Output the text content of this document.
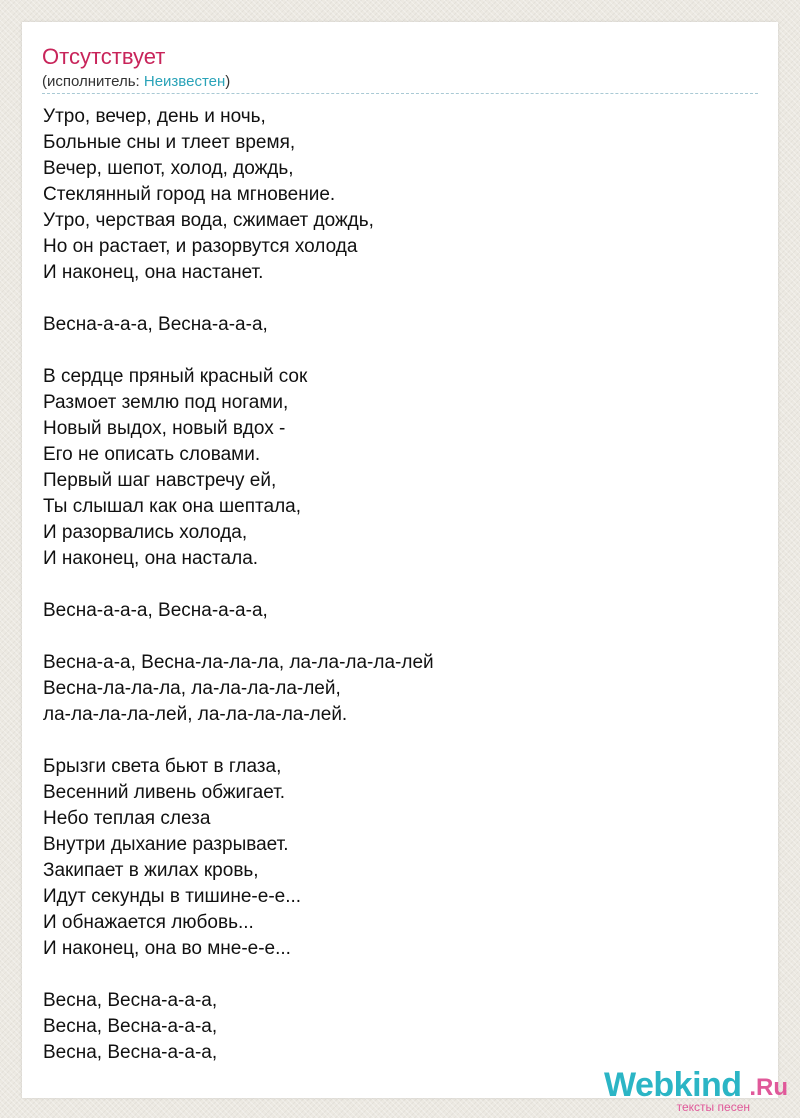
Отсутствует
(исполнитель: Неизвестен)
Утро, вечер, день и ночь,
Больные сны и тлеет время,
Вечер, шепот, холод, дождь,
Стеклянный город на мгновение.
Утро, черствая вода, сжимает дождь,
Но он растает, и разорвутся холода
И наконец, она настанет.
Весна-а-а-а, Весна-а-а-а,
В сердце пряный красный сок
Размоет землю под ногами,
Новый выдох, новый вдох -
Его не описать словами.
Первый шаг навстречу ей,
Ты слышал как она шептала,
И разорвались холода,
И наконец, она настала.
Весна-а-а-а, Весна-а-а-а,
Весна-а-а, Весна-ла-ла-ла, ла-ла-ла-ла-лей
Весна-ла-ла-ла, ла-ла-ла-ла-лей,
ла-ла-ла-ла-лей, ла-ла-ла-ла-лей.
Брызги света бьют в глаза,
Весенний ливень обжигает.
Небо теплая слеза
Внутри дыхание разрывает.
Закипает в жилах кровь,
Идут секунды в тишине-е-е...
И обнажается любовь...
И наконец, она во мне-е-е...
Весна, Весна-а-а-а,
Весна, Весна-а-а-а,
Весна, Весна-а-а-а,
Webkind .Ru
тексты песен
